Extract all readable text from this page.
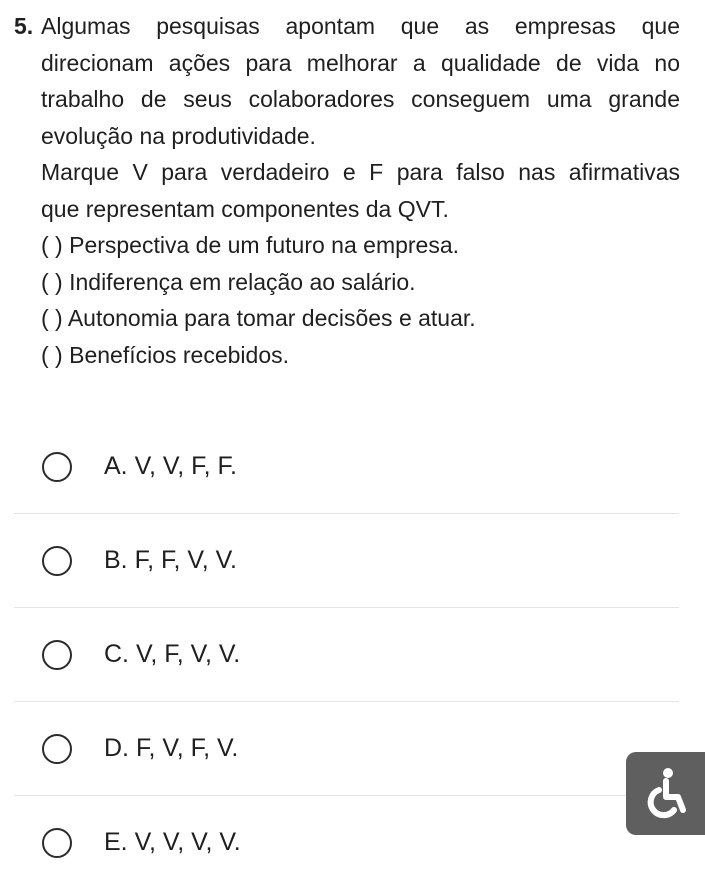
5. Algumas pesquisas apontam que as empresas que
direcionam ações para melhorar a qualidade de vida no
trabalho de seus colaboradores conseguem uma grande
evolução na produtividade.
Marque V para verdadeiro e F para falso nas afirmativas
que representam componentes da QVT.
( ) Perspectiva de um futuro na empresa.
( ) Indiferença em relação ao salário.
( ) Autonomia para tomar decisões e atuar.
( ) Benefícios recebidos.
A. V, V, F, F.
B. F, F, V, V.
C. V, F, V, V.
D. F, V, F, V.
E. V, V, V, V.
